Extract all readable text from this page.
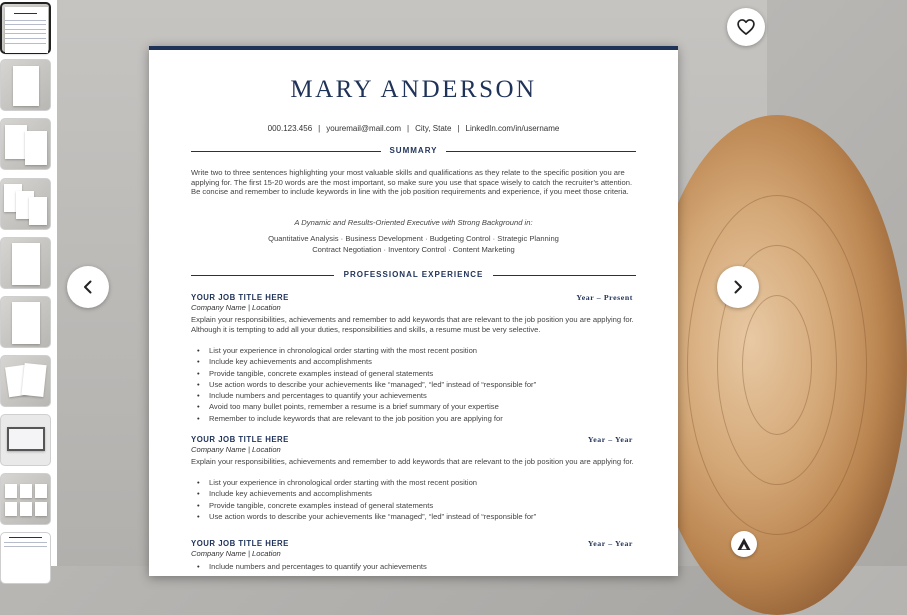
MARY ANDERSON
000.123.456 | youremail@mail.com | City, State | LinkedIn.com/in/username
SUMMARY
Write two to three sentences highlighting your most valuable skills and qualifications as they relate to the specific position you are applying for. The first 15-20 words are the most important, so make sure you use that space wisely to catch the recruiter’s attention. Be concise and remember to include keywords in line with the job position requirements and experience, if you meet those criteria.
A Dynamic and Results-Oriented Executive with Strong Background in:
Quantitative Analysis · Business Development · Budgeting Control · Strategic Planning
Contract Negotiation · Inventory Control · Content Marketing
PROFESSIONAL EXPERIENCE
YOUR JOB TITLE HERE	Year – Present
Company Name | Location
Explain your responsibilities, achievements and remember to add keywords that are relevant to the job position you are applying for. Although it is tempting to add all your duties, responsibilities and skills, a resume must be very selective.
• List your experience in chronological order starting with the most recent position
• Include key achievements and accomplishments
• Provide tangible, concrete examples instead of general statements
• Use action words to describe your achievements like “managed”, “led” instead of “responsible for”
• Include numbers and percentages to quantify your achievements
• Avoid too many bullet points, remember a resume is a brief summary of your expertise
• Remember to include keywords that are relevant to the job position you are applying for
YOUR JOB TITLE HERE	Year – Year
Company Name | Location
Explain your responsibilities, achievements and remember to add keywords that are relevant to the job position you are applying for.
• List your experience in chronological order starting with the most recent position
• Include key achievements and accomplishments
• Provide tangible, concrete examples instead of general statements
• Use action words to describe your achievements like “managed”, “led” instead of “responsible for”
YOUR JOB TITLE HERE	Year – Year
Company Name | Location
• Include numbers and percentages to quantify your achievements
